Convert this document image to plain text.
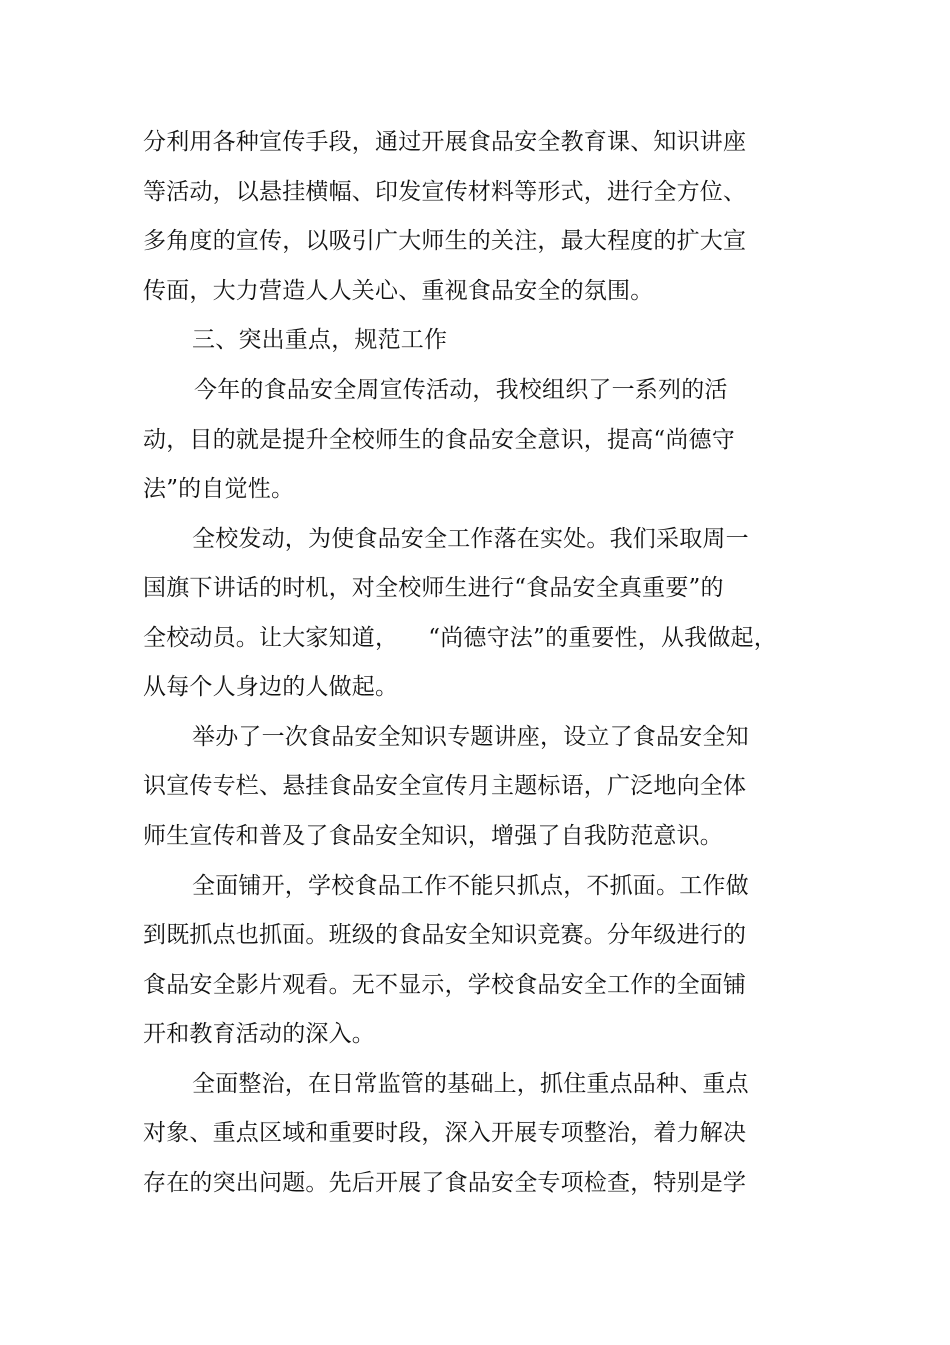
分利用各种宣传手段，通过开展食品安全教育课、知识讲座
等活动，以悬挂横幅、印发宣传材料等形式，进行全方位、
多角度的宣传，以吸引广大师生的关注，最大程度的扩大宣
传面，大力营造人人关心、重视食品安全的氛围。
三、突出重点，规范工作
今年的食品安全周宣传活动，我校组织了一系列的活
动，目的就是提升全校师生的食品安全意识，提高“尚德守
法”的自觉性。
全校发动，为使食品安全工作落在实处。我们采取周一
国旗下讲话的时机，对全校师生进行“食品安全真重要”的
全校动员。让大家知道，    “尚德守法”的重要性，从我做起，
从每个人身边的人做起。
举办了一次食品安全知识专题讲座，设立了食品安全知
识宣传专栏、悬挂食品安全宣传月主题标语，广泛地向全体
师生宣传和普及了食品安全知识，增强了自我防范意识。
全面铺开，学校食品工作不能只抓点，不抓面。工作做
到既抓点也抓面。班级的食品安全知识竞赛。分年级进行的
食品安全影片观看。无不显示，学校食品安全工作的全面铺
开和教育活动的深入。
全面整治，在日常监管的基础上，抓住重点品种、重点
对象、重点区域和重要时段，深入开展专项整治，着力解决
存在的突出问题。先后开展了食品安全专项检查，特别是学
